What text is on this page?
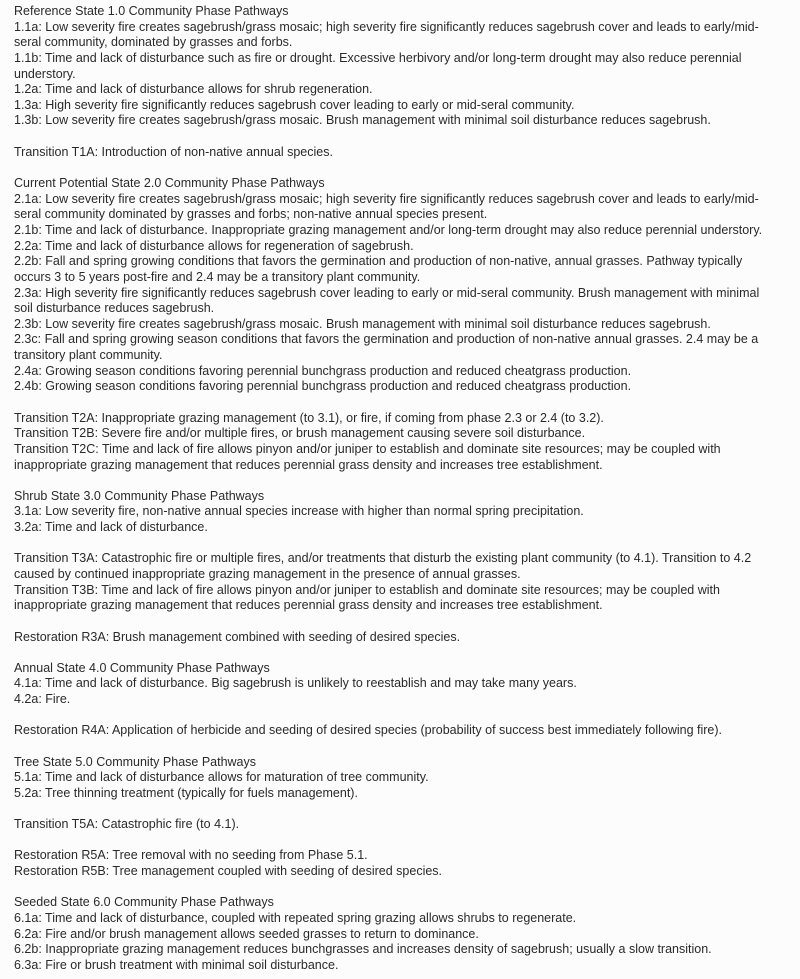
Reference State 1.0 Community Phase Pathways
1.1a: Low severity fire creates sagebrush/grass mosaic; high severity fire significantly reduces sagebrush cover and leads to early/mid-
seral community, dominated by grasses and forbs.
1.1b: Time and lack of disturbance such as fire or drought. Excessive herbivory and/or long-term drought may also reduce perennial
understory.
1.2a: Time and lack of disturbance allows for shrub regeneration.
1.3a: High severity fire significantly reduces sagebrush cover leading to early or mid-seral community.
1.3b: Low severity fire creates sagebrush/grass mosaic. Brush management with minimal soil disturbance reduces sagebrush.

Transition T1A: Introduction of non-native annual species.

Current Potential State 2.0 Community Phase Pathways
2.1a: Low severity fire creates sagebrush/grass mosaic; high severity fire significantly reduces sagebrush cover and leads to early/mid-
seral community dominated by grasses and forbs; non-native annual species present.
2.1b: Time and lack of disturbance. Inappropriate grazing management and/or long-term drought may also reduce perennial understory.
2.2a: Time and lack of disturbance allows for regeneration of sagebrush.
2.2b: Fall and spring growing conditions that favors the germination and production of non-native, annual grasses. Pathway typically
occurs 3 to 5 years post-fire and 2.4 may be a transitory plant community.
2.3a: High severity fire significantly reduces sagebrush cover leading to early or mid-seral community. Brush management with minimal
soil disturbance reduces sagebrush.
2.3b: Low severity fire creates sagebrush/grass mosaic. Brush management with minimal soil disturbance reduces sagebrush.
2.3c: Fall and spring growing season conditions that favors the germination and production of non-native annual grasses. 2.4 may be a
transitory plant community.
2.4a: Growing season conditions favoring perennial bunchgrass production and reduced cheatgrass production.
2.4b: Growing season conditions favoring perennial bunchgrass production and reduced cheatgrass production.

Transition T2A: Inappropriate grazing management (to 3.1), or fire, if coming from phase 2.3 or 2.4 (to 3.2).
Transition T2B: Severe fire and/or multiple fires, or brush management causing severe soil disturbance.
Transition T2C: Time and lack of fire allows pinyon and/or juniper to establish and dominate site resources; may be coupled with
inappropriate grazing management that reduces perennial grass density and increases tree establishment.

Shrub State 3.0 Community Phase Pathways
3.1a: Low severity fire, non-native annual species increase with higher than normal spring precipitation.
3.2a: Time and lack of disturbance.

Transition T3A: Catastrophic fire or multiple fires, and/or treatments that disturb the existing plant community (to 4.1). Transition to 4.2
caused by continued inappropriate grazing management in the presence of annual grasses.
Transition T3B: Time and lack of fire allows pinyon and/or juniper to establish and dominate site resources; may be coupled with
inappropriate grazing management that reduces perennial grass density and increases tree establishment.

Restoration R3A: Brush management combined with seeding of desired species.

Annual State 4.0 Community Phase Pathways
4.1a: Time and lack of disturbance. Big sagebrush is unlikely to reestablish and may take many years.
4.2a: Fire.

Restoration R4A: Application of herbicide and seeding of desired species (probability of success best immediately following fire).

Tree State 5.0 Community Phase Pathways
5.1a: Time and lack of disturbance allows for maturation of tree community.
5.2a: Tree thinning treatment (typically for fuels management).

Transition T5A: Catastrophic fire (to 4.1).

Restoration R5A: Tree removal with no seeding from Phase 5.1.
Restoration R5B: Tree management coupled with seeding of desired species.

Seeded State 6.0 Community Phase Pathways
6.1a: Time and lack of disturbance, coupled with repeated spring grazing allows shrubs to regenerate.
6.2a: Fire and/or brush management allows seeded grasses to return to dominance.
6.2b: Inappropriate grazing management reduces bunchgrasses and increases density of sagebrush; usually a slow transition.
6.3a: Fire or brush treatment with minimal soil disturbance.
